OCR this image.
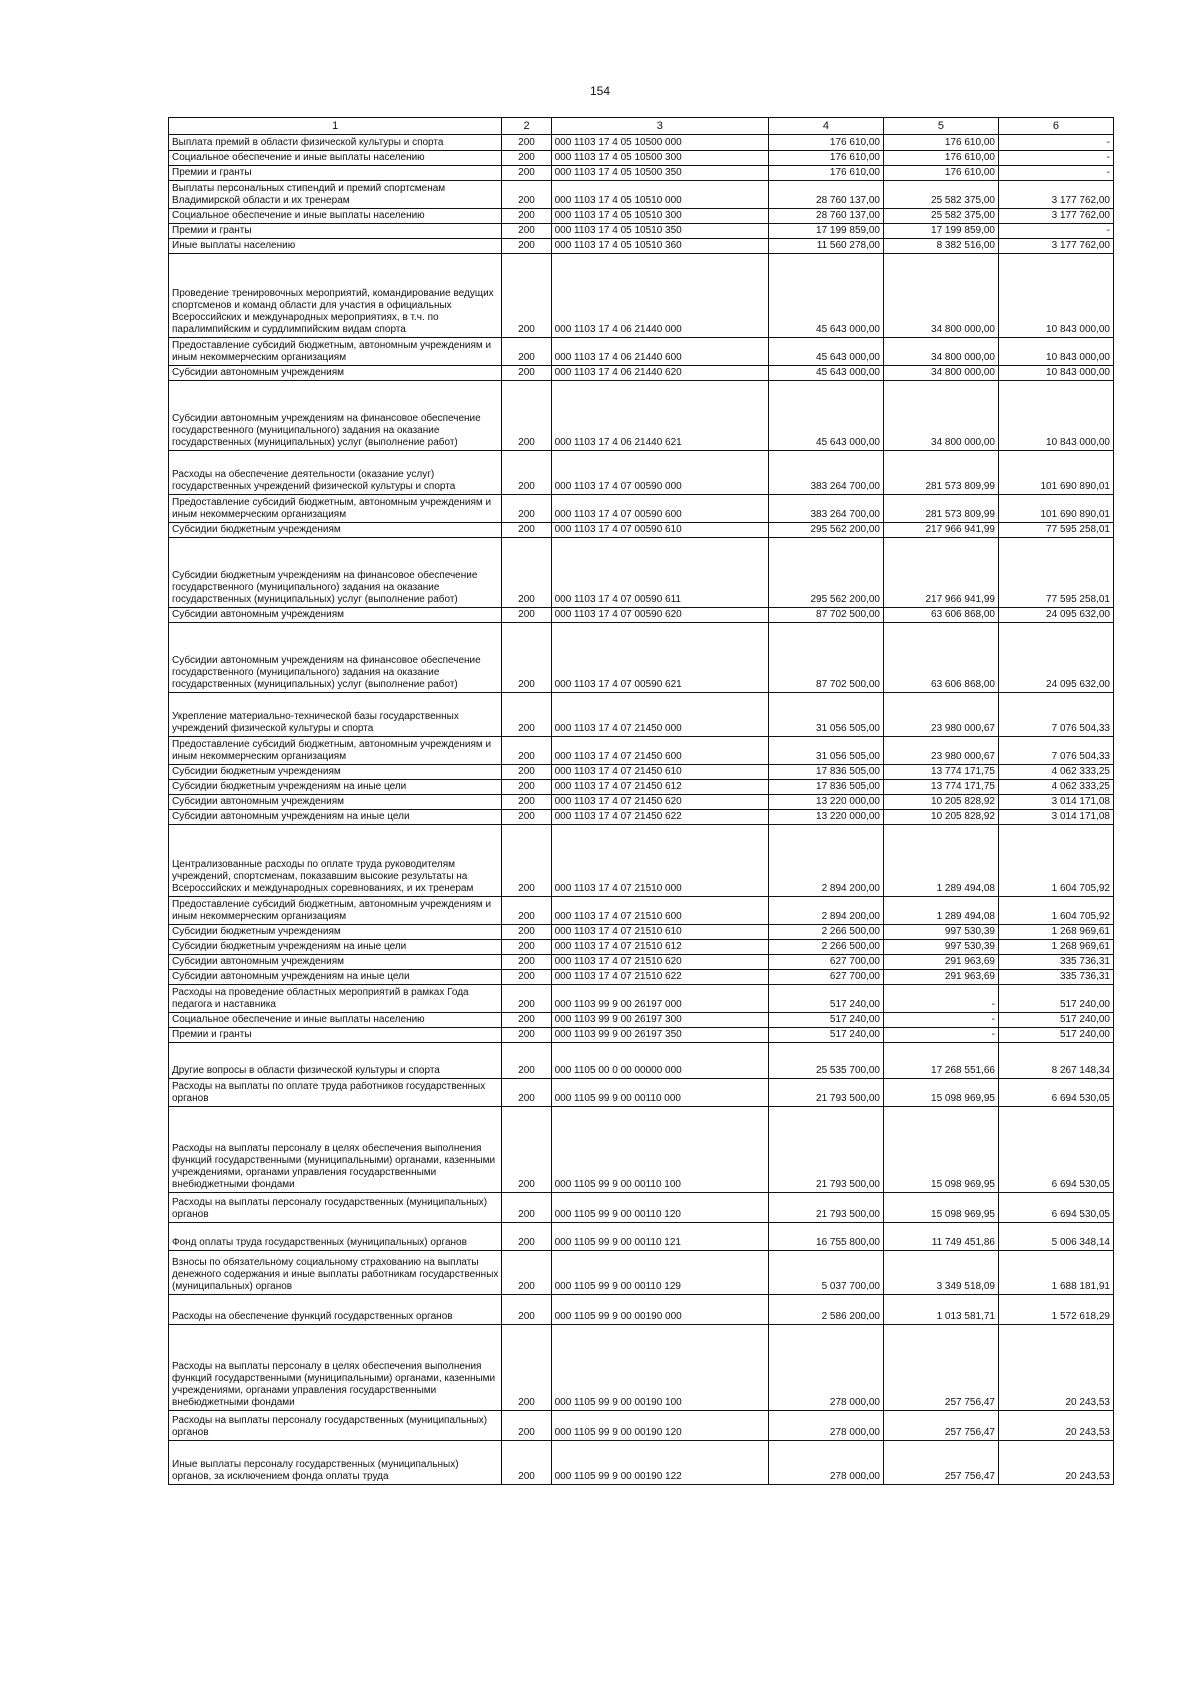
154
1	2	3	4	5	6
Выплата премий в области физической культуры и спорта	200	000 1103 17 4 05 10500 000	176 610,00	176 610,00	-
Социальное обеспечение и иные выплаты населению	200	000 1103 17 4 05 10500 300	176 610,00	176 610,00	-
Премии и гранты	200	000 1103 17 4 05 10500 350	176 610,00	176 610,00	-
Выплаты персональных стипендий и премий спортсменам Владимирской области и их тренерам	200	000 1103 17 4 05 10510 000	28 760 137,00	25 582 375,00	3 177 762,00
Социальное обеспечение и иные выплаты населению	200	000 1103 17 4 05 10510 300	28 760 137,00	25 582 375,00	3 177 762,00
Премии и гранты	200	000 1103 17 4 05 10510 350	17 199 859,00	17 199 859,00	-
Иные выплаты населению	200	000 1103 17 4 05 10510 360	11 560 278,00	8 382 516,00	3 177 762,00
Проведение тренировочных мероприятий, командирование ведущих спортсменов и команд области для участия в официальных Всероссийских и международных мероприятиях, в т.ч. по паралимпийским и сурдлимпийским видам спорта	200	000 1103 17 4 06 21440 000	45 643 000,00	34 800 000,00	10 843 000,00
Предоставление субсидий бюджетным, автономным учреждениям и иным некоммерческим организациям	200	000 1103 17 4 06 21440 600	45 643 000,00	34 800 000,00	10 843 000,00
Субсидии автономным учреждениям	200	000 1103 17 4 06 21440 620	45 643 000,00	34 800 000,00	10 843 000,00
Субсидии автономным учреждениям на финансовое обеспечение государственного (муниципального) задания на оказание государственных (муниципальных) услуг (выполнение работ)	200	000 1103 17 4 06 21440 621	45 643 000,00	34 800 000,00	10 843 000,00
Расходы на обеспечение деятельности (оказание услуг) государственных учреждений физической культуры и спорта	200	000 1103 17 4 07 00590 000	383 264 700,00	281 573 809,99	101 690 890,01
Предоставление субсидий бюджетным, автономным учреждениям и иным некоммерческим организациям	200	000 1103 17 4 07 00590 600	383 264 700,00	281 573 809,99	101 690 890,01
Субсидии бюджетным учреждениям	200	000 1103 17 4 07 00590 610	295 562 200,00	217 966 941,99	77 595 258,01
Субсидии бюджетным учреждениям на финансовое обеспечение государственного (муниципального) задания на оказание государственных (муниципальных) услуг (выполнение работ)	200	000 1103 17 4 07 00590 611	295 562 200,00	217 966 941,99	77 595 258,01
Субсидии автономным учреждениям	200	000 1103 17 4 07 00590 620	87 702 500,00	63 606 868,00	24 095 632,00
Субсидии автономным учреждениям на финансовое обеспечение государственного (муниципального) задания на оказание государственных (муниципальных) услуг (выполнение работ)	200	000 1103 17 4 07 00590 621	87 702 500,00	63 606 868,00	24 095 632,00
Укрепление материально-технической базы государственных учреждений физической культуры и спорта	200	000 1103 17 4 07 21450 000	31 056 505,00	23 980 000,67	7 076 504,33
Предоставление субсидий бюджетным, автономным учреждениям и иным некоммерческим организациям	200	000 1103 17 4 07 21450 600	31 056 505,00	23 980 000,67	7 076 504,33
Субсидии бюджетным учреждениям	200	000 1103 17 4 07 21450 610	17 836 505,00	13 774 171,75	4 062 333,25
Субсидии бюджетным учреждениям на иные цели	200	000 1103 17 4 07 21450 612	17 836 505,00	13 774 171,75	4 062 333,25
Субсидии автономным учреждениям	200	000 1103 17 4 07 21450 620	13 220 000,00	10 205 828,92	3 014 171,08
Субсидии автономным учреждениям на иные цели	200	000 1103 17 4 07 21450 622	13 220 000,00	10 205 828,92	3 014 171,08
Централизованные расходы по оплате труда руководителям учреждений, спортсменам, показавшим высокие результаты на Всероссийских и международных соревнованиях, и их тренерам	200	000 1103 17 4 07 21510 000	2 894 200,00	1 289 494,08	1 604 705,92
Предоставление субсидий бюджетным, автономным учреждениям и иным некоммерческим организациям	200	000 1103 17 4 07 21510 600	2 894 200,00	1 289 494,08	1 604 705,92
Субсидии бюджетным учреждениям	200	000 1103 17 4 07 21510 610	2 266 500,00	997 530,39	1 268 969,61
Субсидии бюджетным учреждениям на иные цели	200	000 1103 17 4 07 21510 612	2 266 500,00	997 530,39	1 268 969,61
Субсидии автономным учреждениям	200	000 1103 17 4 07 21510 620	627 700,00	291 963,69	335 736,31
Субсидии автономным учреждениям на иные цели	200	000 1103 17 4 07 21510 622	627 700,00	291 963,69	335 736,31
Расходы на проведение областных мероприятий в рамках Года педагога и наставника	200	000 1103 99 9 00 26197 000	517 240,00	-	517 240,00
Социальное обеспечение и иные выплаты населению	200	000 1103 99 9 00 26197 300	517 240,00	-	517 240,00
Премии и гранты	200	000 1103 99 9 00 26197 350	517 240,00	-	517 240,00
Другие вопросы в области физической культуры и спорта	200	000 1105 00 0 00 00000 000	25 535 700,00	17 268 551,66	8 267 148,34
Расходы на выплаты по оплате труда работников государственных органов	200	000 1105 99 9 00 00110 000	21 793 500,00	15 098 969,95	6 694 530,05
Расходы на выплаты персоналу в целях обеспечения выполнения функций государственными (муниципальными) органами, казенными учреждениями, органами управления государственными внебюджетными фондами	200	000 1105 99 9 00 00110 100	21 793 500,00	15 098 969,95	6 694 530,05
Расходы на выплаты персоналу государственных (муниципальных) органов	200	000 1105 99 9 00 00110 120	21 793 500,00	15 098 969,95	6 694 530,05
Фонд оплаты труда государственных (муниципальных) органов	200	000 1105 99 9 00 00110 121	16 755 800,00	11 749 451,86	5 006 348,14
Взносы по обязательному социальному страхованию на выплаты денежного содержания и иные выплаты работникам государственных (муниципальных) органов	200	000 1105 99 9 00 00110 129	5 037 700,00	3 349 518,09	1 688 181,91
Расходы на обеспечение функций государственных органов	200	000 1105 99 9 00 00190 000	2 586 200,00	1 013 581,71	1 572 618,29
Расходы на выплаты персоналу в целях обеспечения выполнения функций государственными (муниципальными) органами, казенными учреждениями, органами управления государственными внебюджетными фондами	200	000 1105 99 9 00 00190 100	278 000,00	257 756,47	20 243,53
Расходы на выплаты персоналу государственных (муниципальных) органов	200	000 1105 99 9 00 00190 120	278 000,00	257 756,47	20 243,53
Иные выплаты персоналу государственных (муниципальных) органов, за исключением фонда оплаты труда	200	000 1105 99 9 00 00190 122	278 000,00	257 756,47	20 243,53
